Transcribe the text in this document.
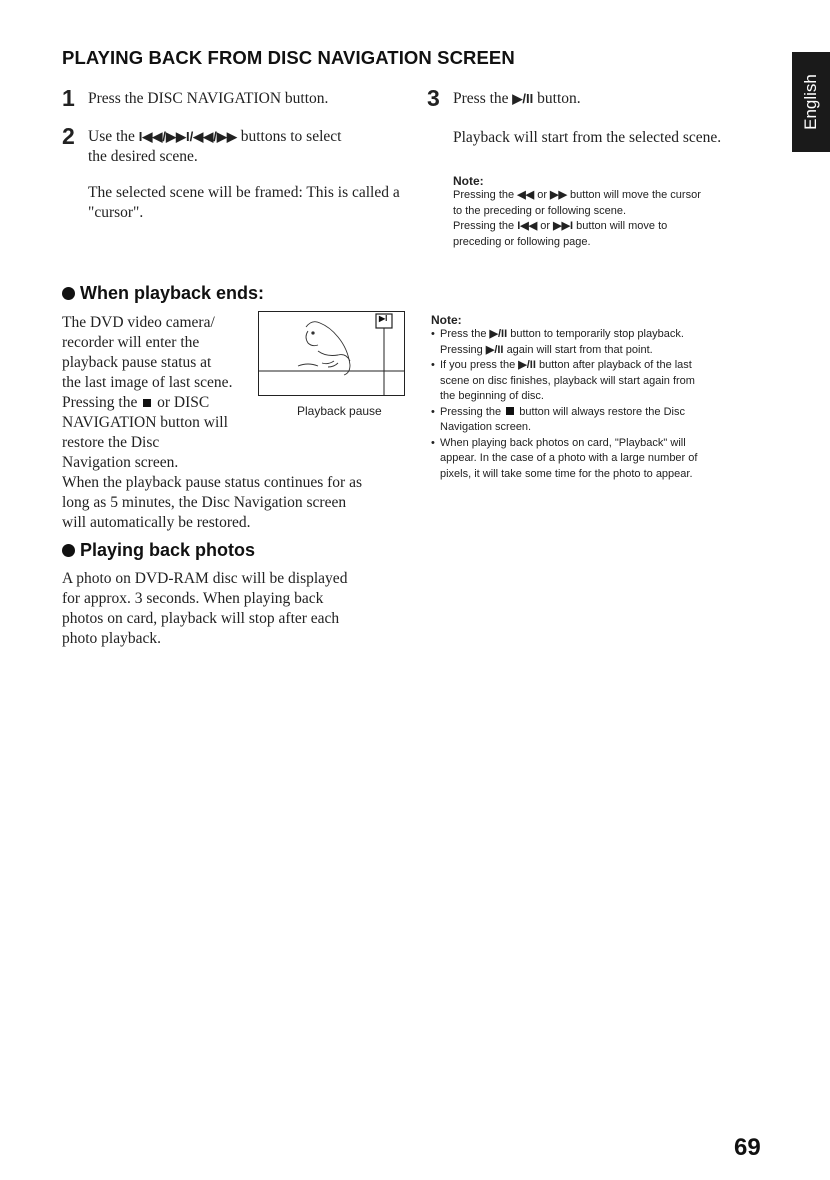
PLAYING BACK FROM DISC NAVIGATION SCREEN
English
1 Press the DISC NAVIGATION button.
2 Use the I◀◀/▶▶I/◀◀/▶▶ buttons to select
the desired scene.
The selected scene will be framed: This is called a "cursor".
3 Press the ▶/II button.
Playback will start from the selected scene.
Note:
Pressing the ◀◀ or ▶▶ button will move the cursor
to the preceding or following scene.
Pressing the I◀◀ or ▶▶I button will move to
preceding or following page.
When playback ends:
The DVD video camera/
recorder will enter the
playback pause status at
the last image of last scene.
Pressing the or DISC
NAVIGATION button will
restore the Disc
Navigation screen.
When the playback pause status continues for as
long as 5 minutes, the Disc Navigation screen
will automatically be restored.
▶I
Playback pause
Playing back photos
A photo on DVD-RAM disc will be displayed
for approx. 3 seconds. When playing back
photos on card, playback will stop after each
photo playback.
Note:
• Press the ▶/II button to temporarily stop playback.
Pressing ▶/II again will start from that point.
• If you press the ▶/II button after playback of the last
scene on disc finishes, playback will start again from
the beginning of disc.
• Pressing the button will always restore the Disc
Navigation screen.
• When playing back photos on card, "Playback" will
appear. In the case of a photo with a large number of
pixels, it will take some time for the photo to appear.
69
